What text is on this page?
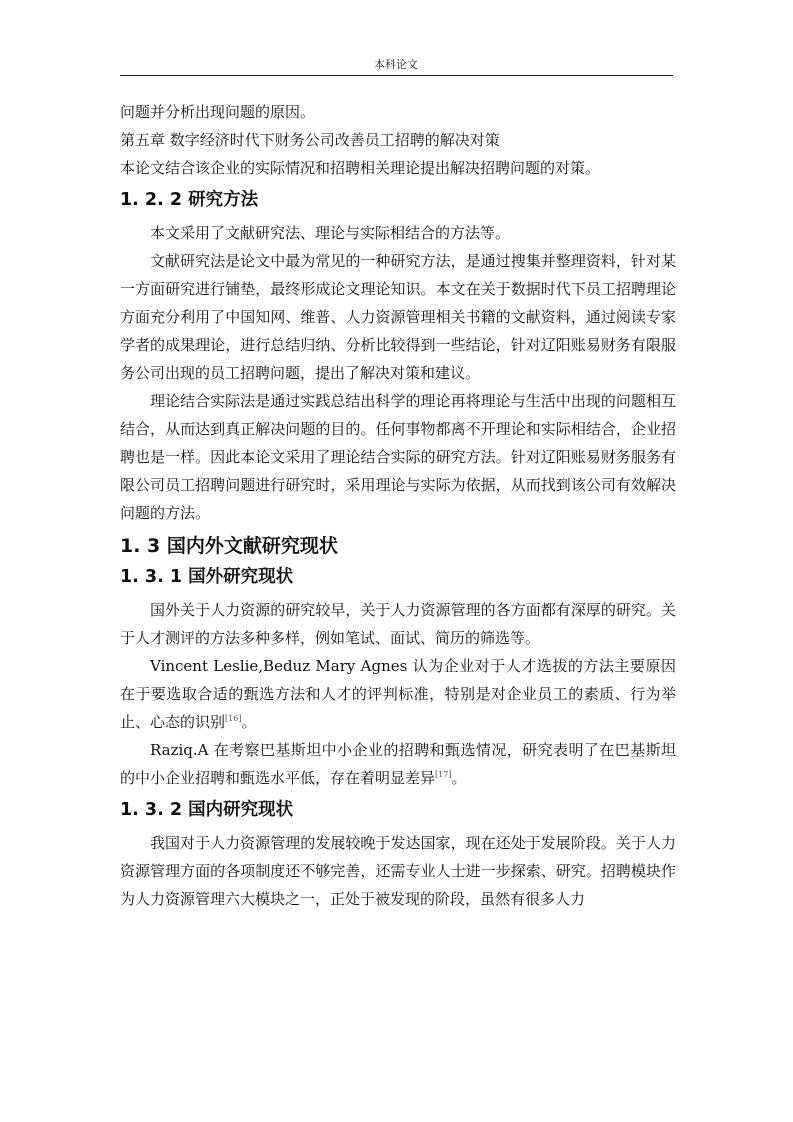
本科论文

问题并分析出现问题的原因。

第五章 数字经济时代下财务公司改善员工招聘的解决对策

本论文结合该企业的实际情况和招聘相关理论提出解决招聘问题的对策。

1. 2. 2 研究方法

本文采用了文献研究法、理论与实际相结合的方法等。

文献研究法是论文中最为常见的一种研究方法，是通过搜集并整理资料，针对某一方面研究进行铺垫，最终形成论文理论知识。本文在关于数据时代下员工招聘理论方面充分利用了中国知网、维普、人力资源管理相关书籍的文献资料，通过阅读专家学者的成果理论，进行总结归纳、分析比较得到一些结论，针对辽阳账易财务有限服务公司出现的员工招聘问题，提出了解决对策和建议。

理论结合实际法是通过实践总结出科学的理论再将理论与生活中出现的问题相互结合，从而达到真正解决问题的目的。任何事物都离不开理论和实际相结合，企业招聘也是一样。因此本论文采用了理论结合实际的研究方法。针对辽阳账易财务服务有限公司员工招聘问题进行研究时，采用理论与实际为依据，从而找到该公司有效解决问题的方法。

1. 3 国内外文献研究现状
1. 3. 1 国外研究现状

国外关于人力资源的研究较早，关于人力资源管理的各方面都有深厚的研究。关于人才测评的方法多种多样，例如笔试、面试、简历的筛选等。

Vincent Leslie,Beduz Mary Agnes 认为企业对于人才选拔的方法主要原因在于要选取合适的甄选方法和人才的评判标准，特别是对企业员工的素质、行为举止、心态的识别[16]。

Raziq.A 在考察巴基斯坦中小企业的招聘和甄选情况，研究表明了在巴基斯坦的中小企业招聘和甄选水平低，存在着明显差异[17]。

1. 3. 2 国内研究现状

我国对于人力资源管理的发展较晚于发达国家，现在还处于发展阶段。关于人力资源管理方面的各项制度还不够完善，还需专业人士进一步探索、研究。招聘模块作为人力资源管理六大模块之一，正处于被发现的阶段，虽然有很多人力
